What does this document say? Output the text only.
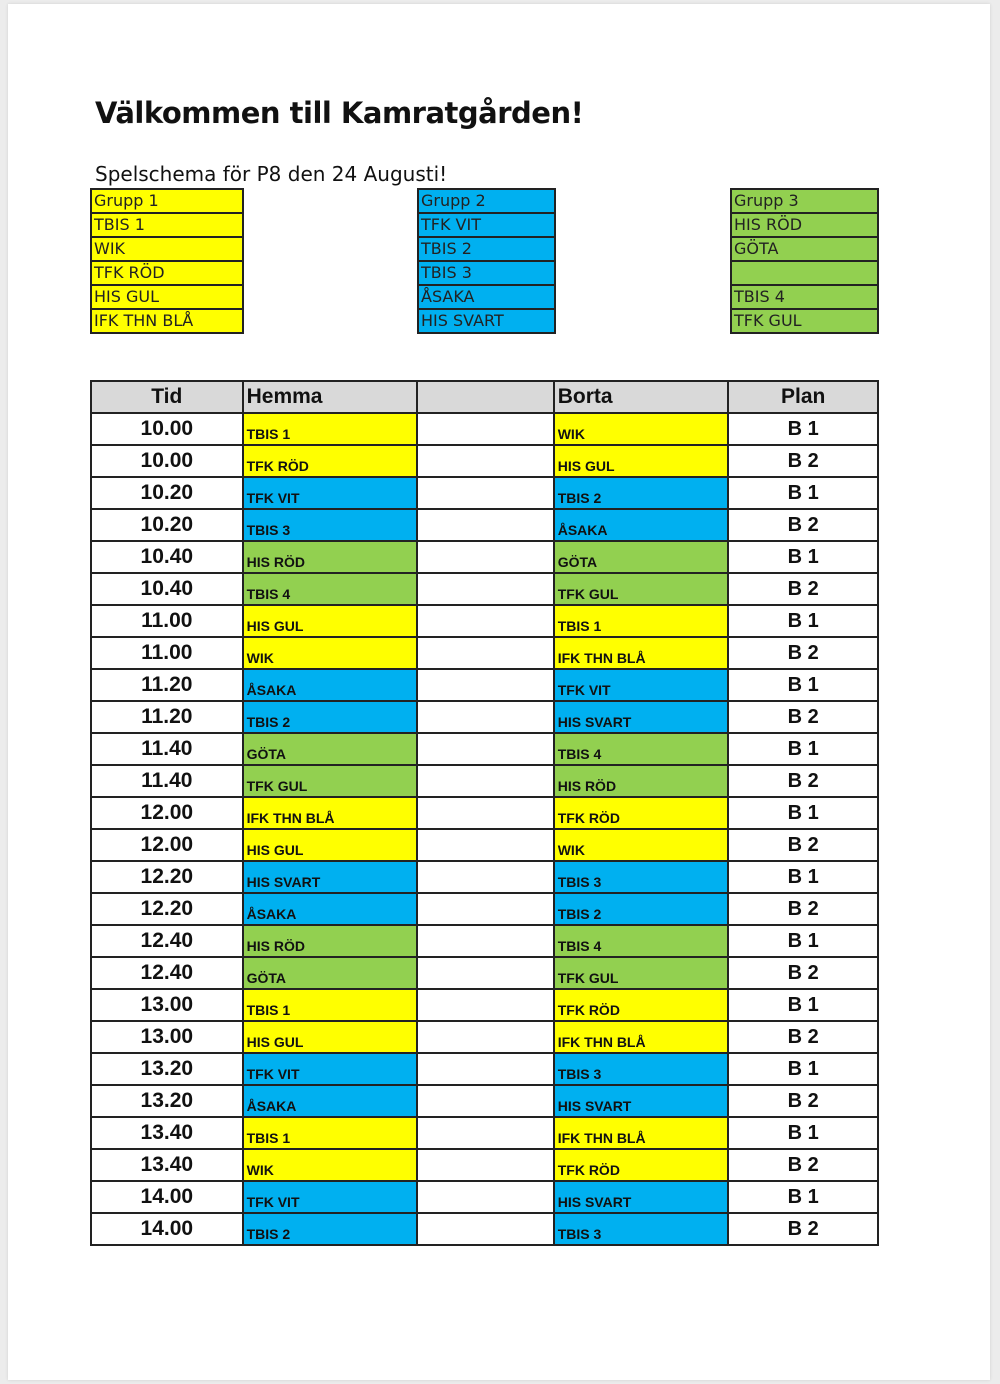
Välkommen till Kamratgården!
Spelschema för P8 den 24 Augusti!
Grupp 1
TBIS 1
WIK
TFK RÖD
HIS GUL
IFK THN BLÅ
Grupp 2
TFK VIT
TBIS 2
TBIS 3
ÅSAKA
HIS SVART
Grupp 3
HIS RÖD
GÖTA
TBIS 4
TFK GUL
Tid	Hemma		Borta	Plan
10.00	TBIS 1		WIK	B 1
10.00	TFK RÖD		HIS GUL	B 2
10.20	TFK VIT		TBIS 2	B 1
10.20	TBIS 3		ÅSAKA	B 2
10.40	HIS RÖD		GÖTA	B 1
10.40	TBIS 4		TFK GUL	B 2
11.00	HIS GUL		TBIS 1	B 1
11.00	WIK		IFK THN BLÅ	B 2
11.20	ÅSAKA		TFK VIT	B 1
11.20	TBIS 2		HIS SVART	B 2
11.40	GÖTA		TBIS 4	B 1
11.40	TFK GUL		HIS RÖD	B 2
12.00	IFK THN BLÅ		TFK RÖD	B 1
12.00	HIS GUL		WIK	B 2
12.20	HIS SVART		TBIS 3	B 1
12.20	ÅSAKA		TBIS 2	B 2
12.40	HIS RÖD		TBIS 4	B 1
12.40	GÖTA		TFK GUL	B 2
13.00	TBIS 1		TFK RÖD	B 1
13.00	HIS GUL		IFK THN BLÅ	B 2
13.20	TFK VIT		TBIS 3	B 1
13.20	ÅSAKA		HIS SVART	B 2
13.40	TBIS 1		IFK THN BLÅ	B 1
13.40	WIK		TFK RÖD	B 2
14.00	TFK VIT		HIS SVART	B 1
14.00	TBIS 2		TBIS 3	B 2
